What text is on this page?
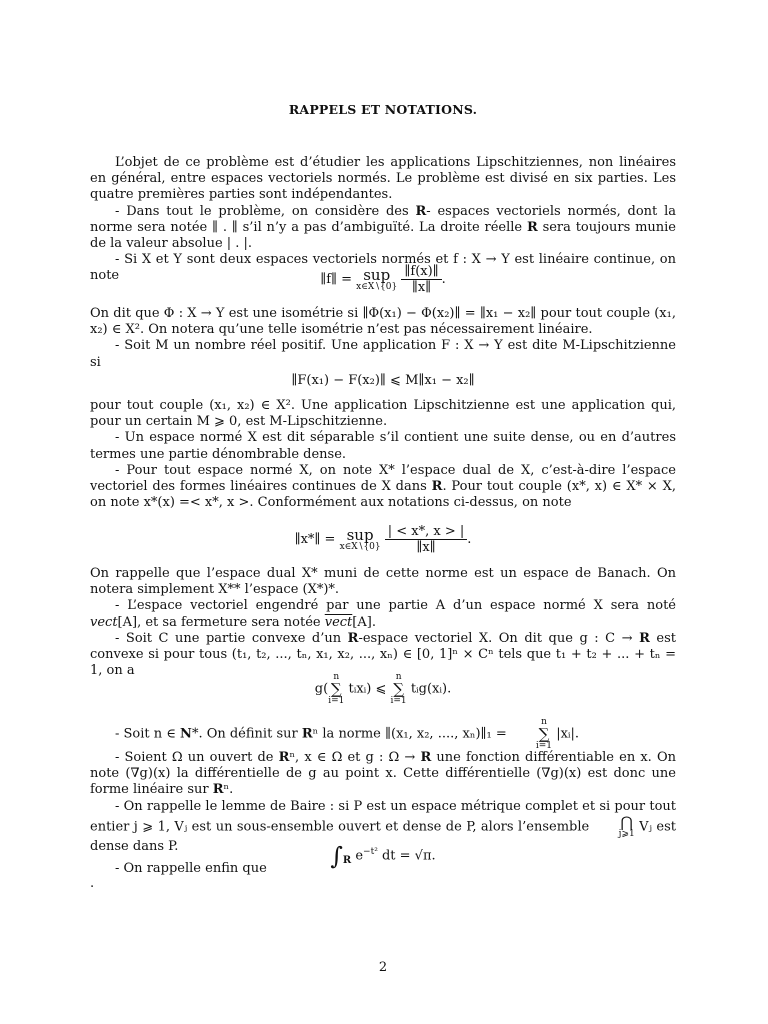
RAPPELS ET NOTATIONS.

L’objet de ce problème est d’étudier les applications Lipschitziennes, non linéaires en général, entre espaces vectoriels normés. Le problème est divisé en six parties. Les quatre premières parties sont indépendantes.

- Dans tout le problème, on considère des R- espaces vectoriels normés, dont la norme sera notée ∥ . ∥ s’il n’y a pas d’ambiguïté. La droite réelle R sera toujours munie de la valeur absolue | . |.

- Si X et Y sont deux espaces vectoriels normés et f : X → Y est linéaire continue, on note	∥f∥ = sup
x∈X∖{0}
$\frac{\parallel f(x)\parallel}{\parallel x\parallel}$ .

On dit que Φ : X → Y est une isométrie si ∥Φ(x₁) − Φ(x₂)∥ = ∥x₁ − x₂∥ pour tout couple (x₁, x₂) ∈ X². On notera qu’une telle isométrie n’est pas nécessairement linéaire.

- Soit M un nombre réel positif. Une application F : X → Y est dite M-Lipschitzienne si

∥F(x₁) − F(x₂)∥ ⩽ M∥x₁ − x₂∥

pour tout couple (x₁, x₂) ∈ X². Une application Lipschitzienne est une application qui, pour un certain M ⩾ 0, est M-Lipschitzienne.

- Un espace normé X est dit séparable s’il contient une suite dense, ou en d’autres termes une partie dénombrable dense.

- Pour tout espace normé X, on note X* l’espace dual de X, c’est-à-dire l’espace vectoriel des formes linéaires continues de X dans R. Pour tout couple (x*, x) ∈ X* × X, on note x*(x) =< x*, x >. Conformément aux notations ci-dessus, on note

∥x*∥ = sup
x∈X∖{0}
$\frac{| < x*, x > |}{\parallel x\parallel}$ .

On rappelle que l’espace dual X* muni de cette norme est un espace de Banach. On notera simplement X** l’espace (X*)*.

- L’espace vectoriel engendré par une partie A d’un espace normé X sera noté vect[A], et sa fermeture sera notée vect[A].

- Soit C une partie convexe d’un R-espace vectoriel X. On dit que g : C → R est convexe si pour tous (t₁, t₂, ..., tₙ, x₁, x₂, ..., xₙ) ∈ [0, 1]ⁿ × Cⁿ tels que t₁ + t₂ + ... + tₙ = 1, on a

g(
n
∑
i=1
tᵢxᵢ) ⩽
n
∑
i=1
tᵢg(xᵢ).

- Soit n ∈ N*. On définit sur Rⁿ la norme ∥(x₁, x₂, ...., xₙ)∥₁ =
n
∑
i=1
|xᵢ|.

- Soient Ω un ouvert de Rⁿ, x ∈ Ω et g : Ω → R une fonction différentiable en x. On note (∇g)(x) la différentielle de g au point x. Cette différentielle (∇g)(x) est donc une forme linéaire sur Rⁿ.

- On rappelle le lemme de Baire : si P est un espace métrique complet et si pour tout entier j ⩾ 1, Vⱼ est un sous-ensemble ouvert et dense de P, alors l’ensemble	⋂
j⩾1 Vⱼ est dense dans P.

- On rappelle enfin que	$\int_R$ $e^{-t^2}$ dt = √π.
.
2
